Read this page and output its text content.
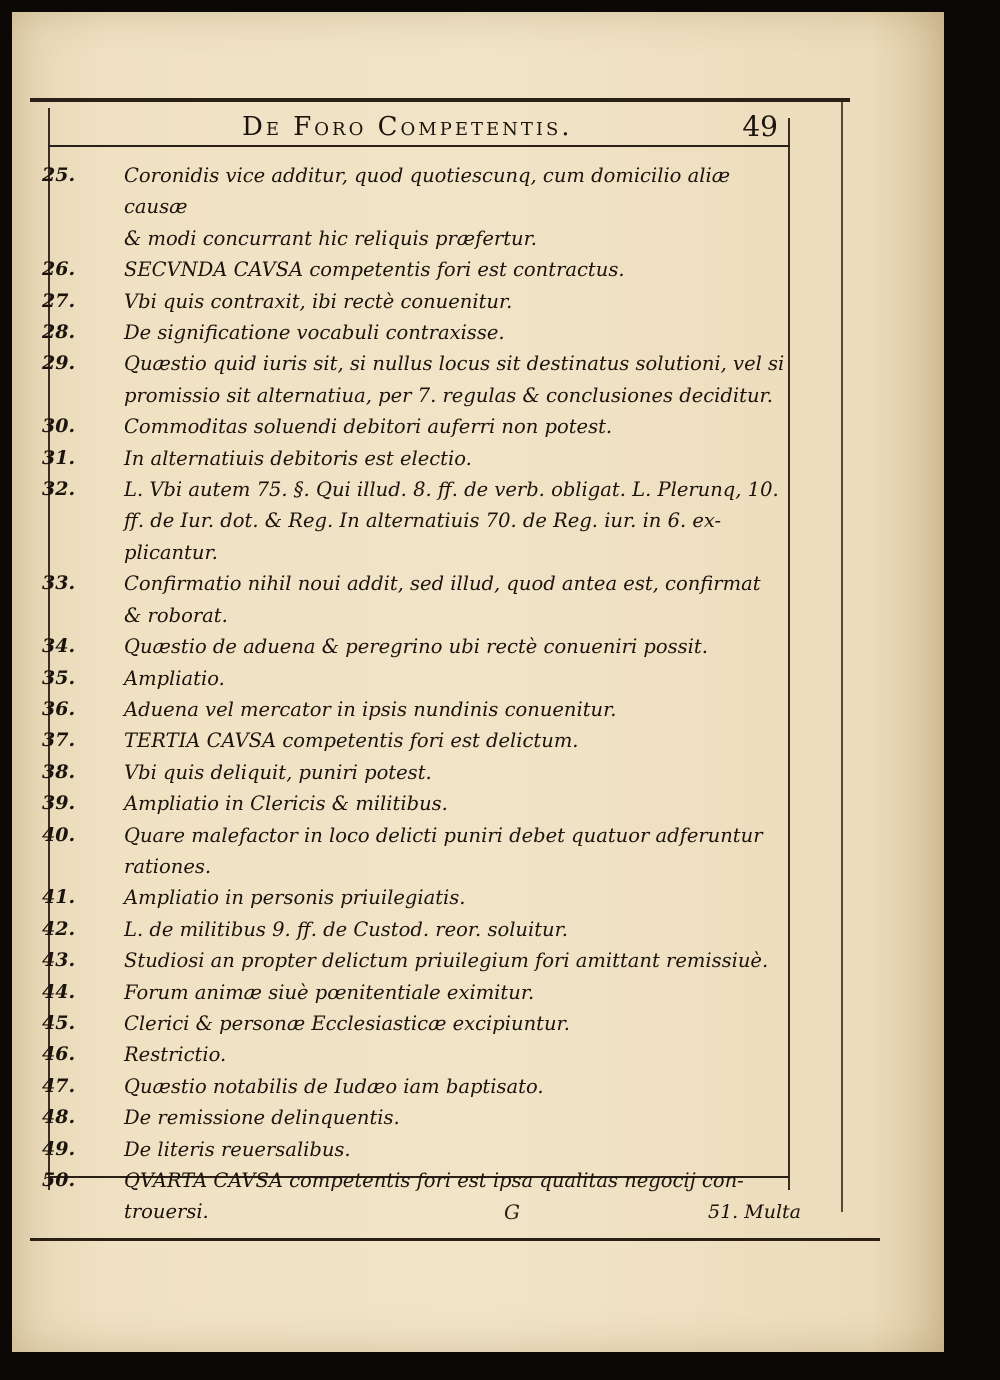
De Foro Competentis.	49
25.	Coronidis vice additur, quod quotiescunq, cum domicilio aliæ causæ
& modi concurrant hic reliquis præfertur.
26.	SECVNDA CAVSA competentis fori est contractus.
27.	Vbi quis contraxit, ibi rectè conuenitur.
28.	De significatione vocabuli contraxisse.
29.	Quæstio quid iuris sit, si nullus locus sit destinatus solutioni, vel si
promissio sit alternatiua, per 7. regulas & conclusiones deciditur.
30.	Commoditas soluendi debitori auferri non potest.
31.	In alternatiuis debitoris est electio.
32.	L. Vbi autem 75. §. Qui illud. 8. ff. de verb. obligat. L. Plerunq, 10.
ff. de Iur. dot. & Reg. In alternatiuis 70. de Reg. iur. in 6. ex-
plicantur.
33.	Confirmatio nihil noui addit, sed illud, quod antea est, confirmat
& roborat.
34.	Quæstio de aduena & peregrino ubi rectè conueniri possit.
35.	Ampliatio.
36.	Aduena vel mercator in ipsis nundinis conuenitur.
37.	TERTIA CAVSA competentis fori est delictum.
38.	Vbi quis deliquit, puniri potest.
39.	Ampliatio in Clericis & militibus.
40.	Quare malefactor in loco delicti puniri debet quatuor adferuntur
rationes.
41.	Ampliatio in personis priuilegiatis.
42.	L. de militibus 9. ff. de Custod. reor. soluitur.
43.	Studiosi an propter delictum priuilegium fori amittant remissiuè.
44.	Forum animæ siuè pœnitentiale eximitur.
45.	Clerici & personæ Ecclesiasticæ excipiuntur.
46.	Restrictio.
47.	Quæstio notabilis de Iudæo iam baptisato.
48.	De remissione delinquentis.
49.	De literis reuersalibus.
50.	QVARTA CAVSA competentis fori est ipsa qualitas negocij con-
trouersi.	G	51. Multa
